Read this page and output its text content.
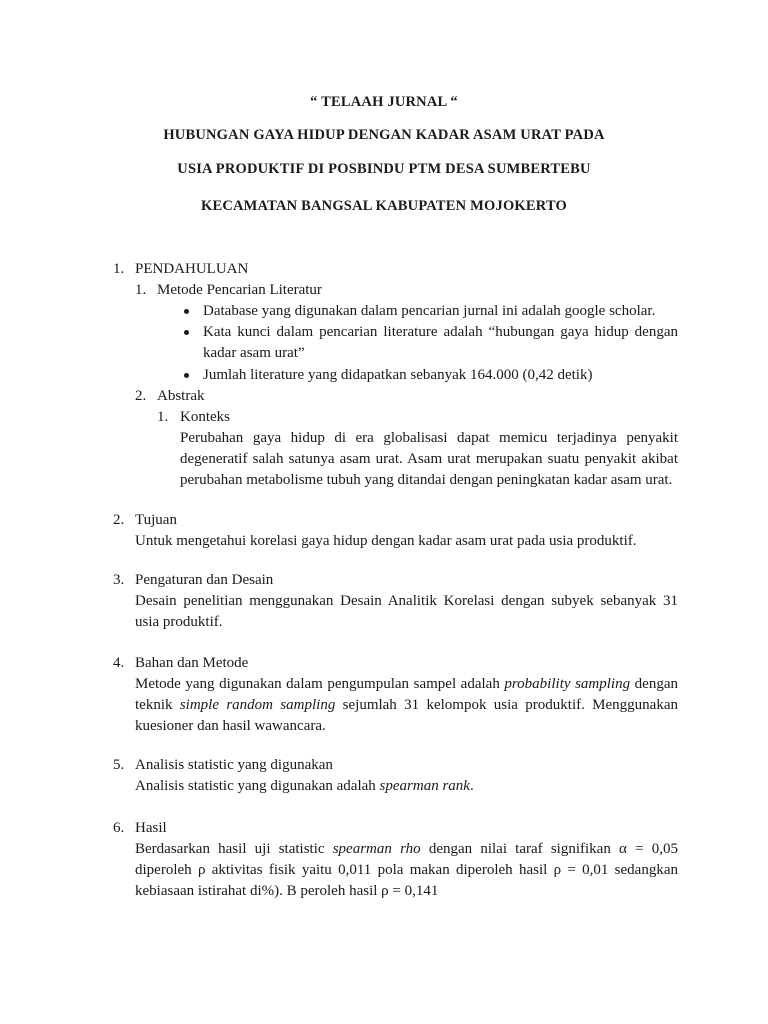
“ TELAAH JURNAL “
HUBUNGAN GAYA HIDUP DENGAN KADAR ASAM URAT PADA
USIA PRODUKTIF DI POSBINDU PTM DESA SUMBERTEBU
KECAMATAN BANGSAL KABUPATEN MOJOKERTO
1. PENDAHULUAN
1. Metode Pencarian Literatur
Database yang digunakan dalam pencarian jurnal ini adalah google scholar.
Kata kunci dalam pencarian literature adalah “hubungan gaya hidup dengan
kadar asam urat”
Jumlah literature yang didapatkan sebanyak 164.000 (0,42 detik)
2. Abstrak
1. Konteks
Perubahan gaya hidup di era globalisasi dapat memicu terjadinya penyakit
degeneratif salah satunya asam urat. Asam urat merupakan suatu penyakit akibat
perubahan metabolisme tubuh yang ditandai dengan peningkatan kadar asam urat.
2. Tujuan
Untuk mengetahui korelasi gaya hidup dengan kadar asam urat pada usia produktif.
3. Pengaturan dan Desain
Desain penelitian menggunakan Desain Analitik Korelasi dengan subyek sebanyak 31
usia produktif.
4. Bahan dan Metode
Metode yang digunakan dalam pengumpulan sampel adalah probability sampling dengan
teknik simple random sampling sejumlah 31 kelompok usia produktif. Menggunakan
kuesioner dan hasil wawancara.
5. Analisis statistic yang digunakan
Analisis statistic yang digunakan adalah spearman rank.
6. Hasil
Berdasarkan hasil uji statistic spearman rho dengan nilai taraf signifikan α = 0,05
diperoleh ρ aktivitas fisik yaitu 0,011 pola makan diperoleh hasil ρ = 0,01 sedangkan
kebiasaan istirahat di%). B peroleh hasil ρ = 0,141
